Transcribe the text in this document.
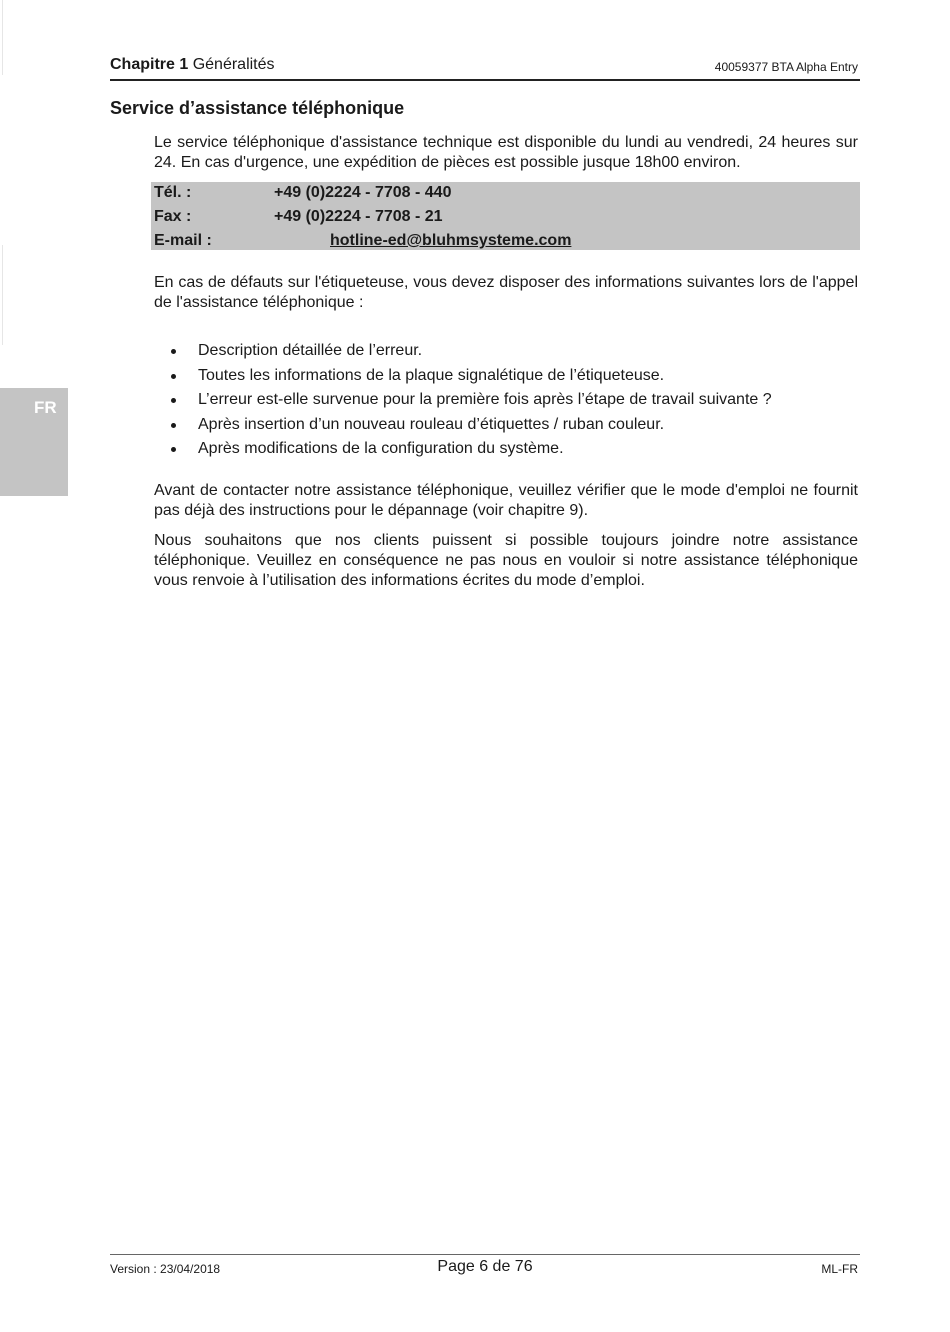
FR
Chapitre 1 Généralités	40059377 BTA Alpha Entry
Service d’assistance téléphonique

Le service téléphonique d'assistance technique est disponible du lundi au vendredi, 24 heures sur 24. En cas d'urgence, une expédition de pièces est possible jusque 18h00 environ.

Tél. :	+49 (0)2224 - 7708 - 440
Fax :	+49 (0)2224 - 7708 - 21
E-mail :	hotline-ed@bluhmsysteme.com

En cas de défauts sur l'étiqueteuse, vous devez disposer des informations suivantes lors de l'appel de l'assistance téléphonique :

Description détaillée de l’erreur.
Toutes les informations de la plaque signalétique de l’étiqueteuse.
L’erreur est-elle survenue pour la première fois après l’étape de travail suivante ?
Après insertion d’un nouveau rouleau d’étiquettes / ruban couleur.
Après modifications de la configuration du système.

Avant de contacter notre assistance téléphonique, veuillez vérifier que le mode d'emploi ne fournit pas déjà des instructions pour le dépannage (voir chapitre 9).

Nous souhaitons que nos clients puissent si possible toujours joindre notre assistance téléphonique. Veuillez en conséquence ne pas nous en vouloir si notre assistance téléphonique vous renvoie à l’utilisation des informations écrites du mode d’emploi.

Version : 23/04/2018	Page 6 de 76	ML-FR
